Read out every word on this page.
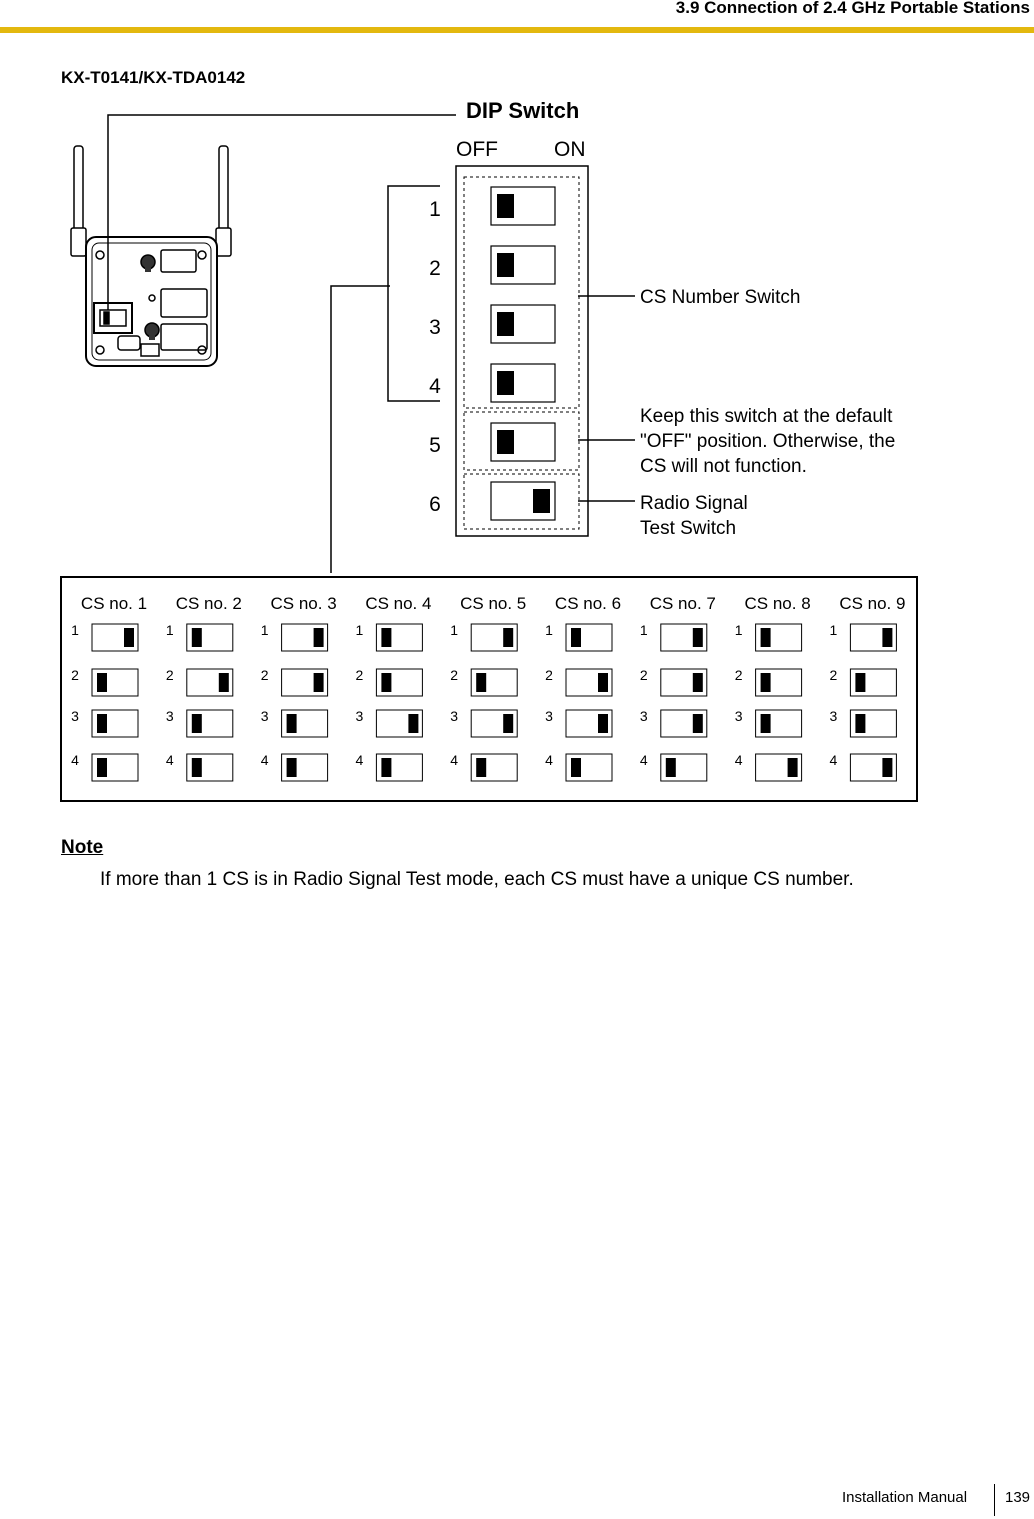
3.9 Connection of 2.4 GHz Portable Stations
KX-T0141/KX-TDA0142
1
2
3
4
5
6
CS no. 1
1
2
3
4
CS no. 2
1
2
3
4
CS no. 3
1
2
3
4
CS no. 4
1
2
3
4
CS no. 5
1
2
3
4
CS no. 6
1
2
3
4
CS no. 7
1
2
3
4
CS no. 8
1
2
3
4
CS no. 9
1
2
3
4
DIP Switch
OFF	ON
CS Number Switch
Keep this switch at the default
"OFF" position. Otherwise, the
CS will not function.
Radio Signal
Test Switch
Note
If more than 1 CS is in Radio Signal Test mode, each CS must have a unique CS number.
Installation Manual	139
